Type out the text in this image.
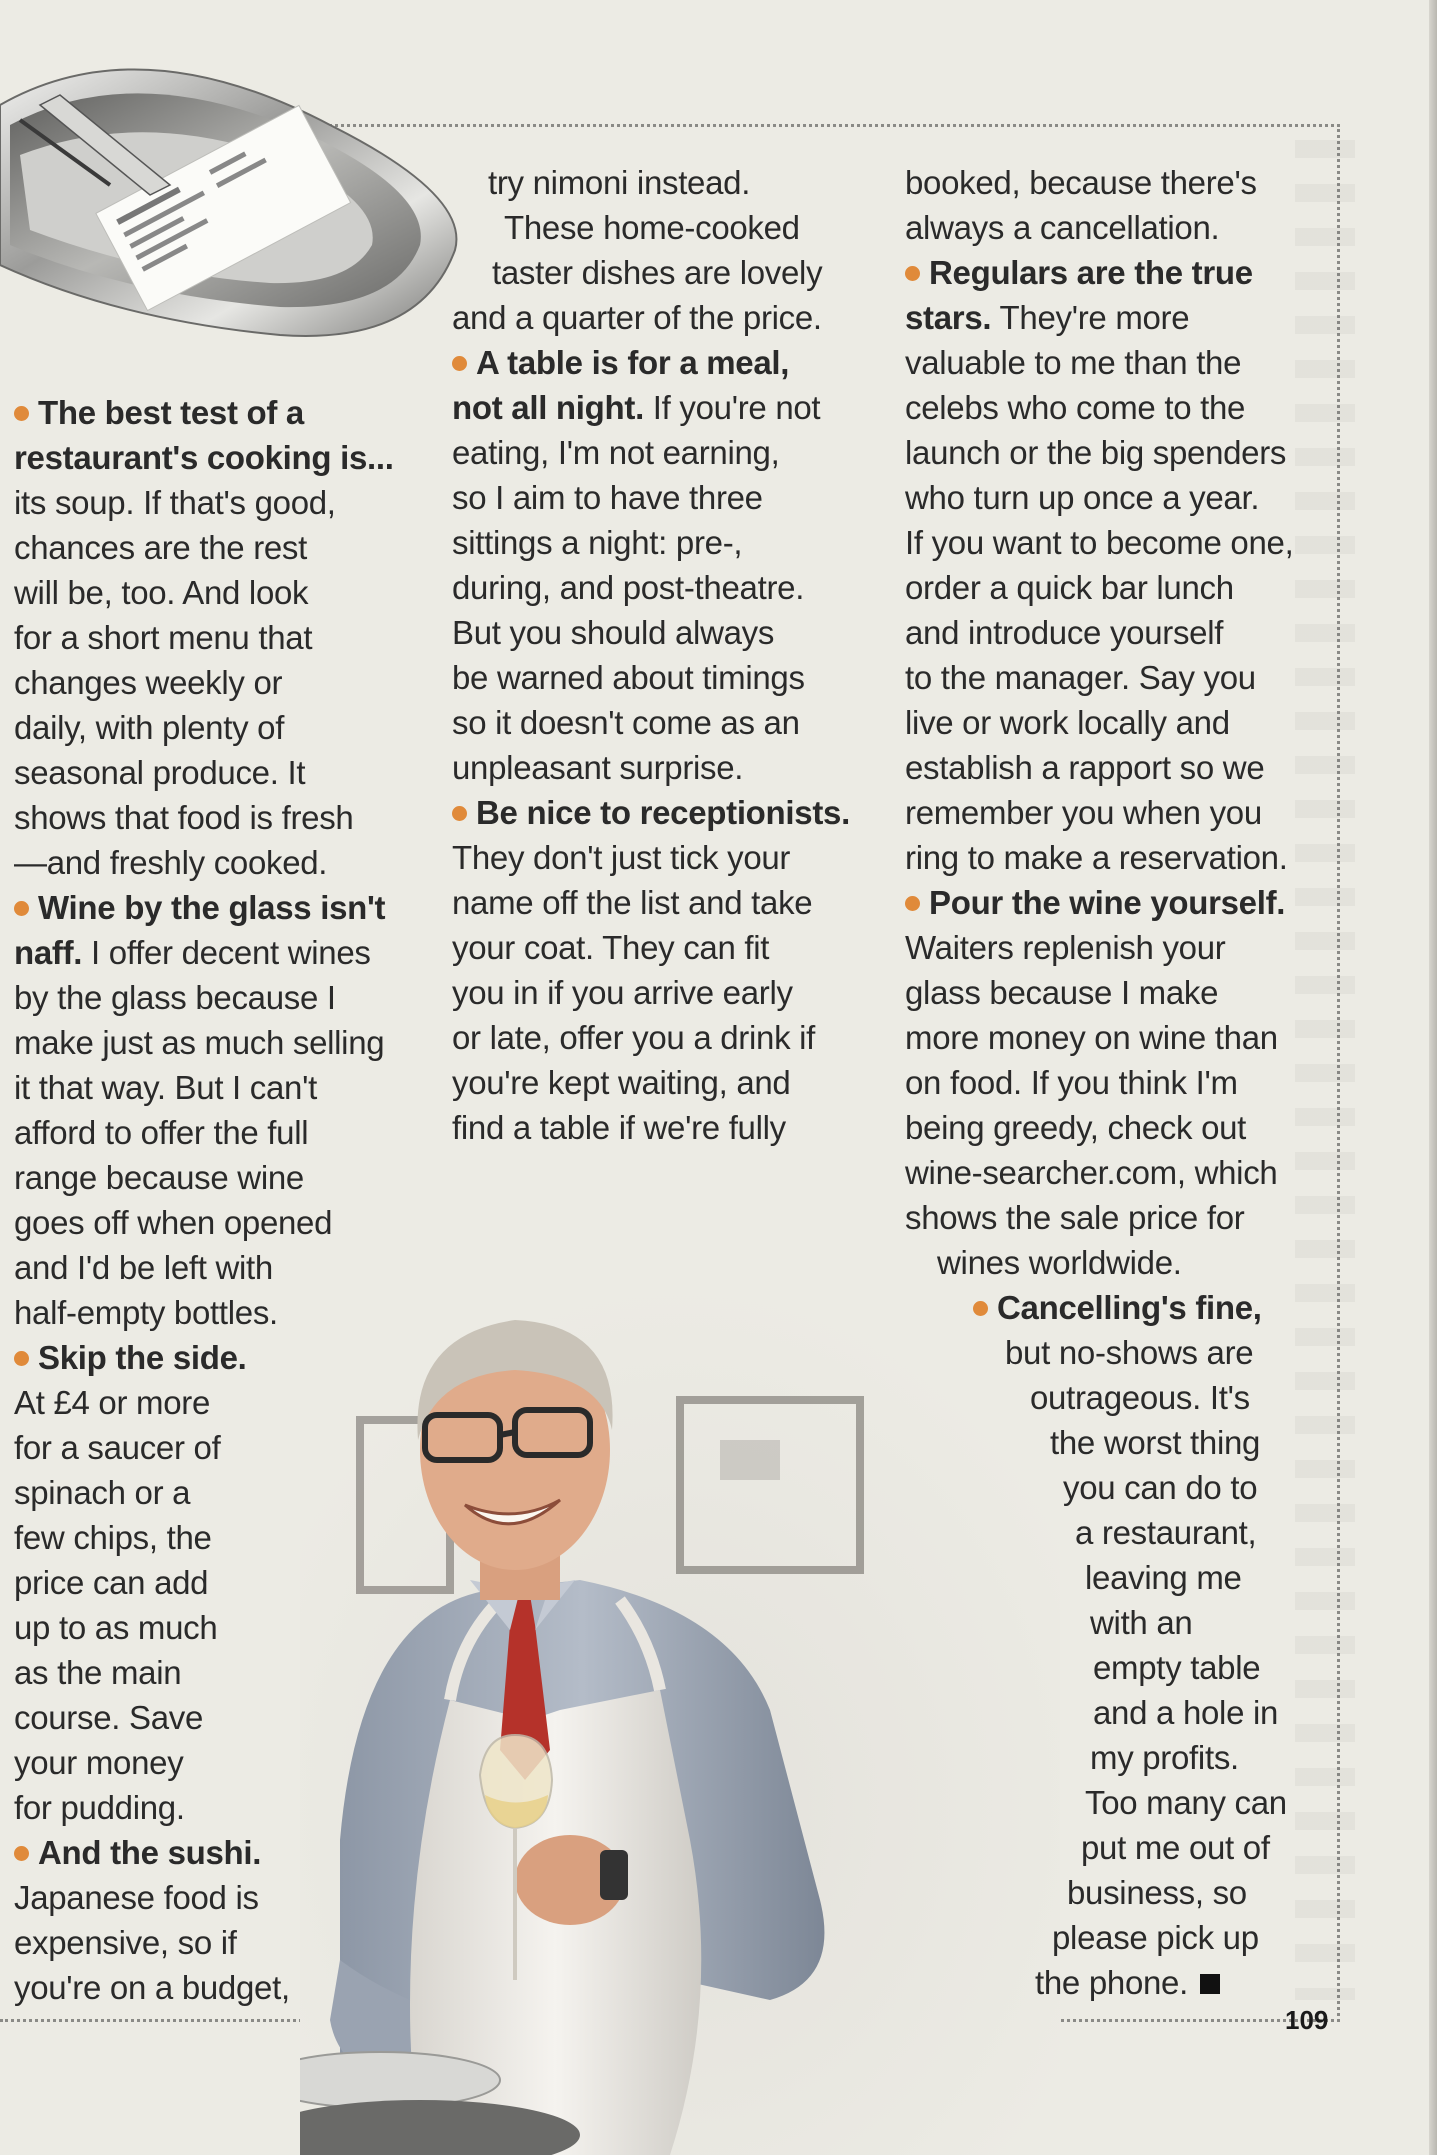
The best test of a
restaurant's cooking is...
its soup. If that's good,
chances are the rest
will be, too. And look
for a short menu that
changes weekly or
daily, with plenty of
seasonal produce. It
shows that food is fresh
—and freshly cooked.
Wine by the glass isn't
naff. I offer decent wines
by the glass because I
make just as much selling
it that way. But I can't
afford to offer the full
range because wine
goes off when opened
and I'd be left with
half-empty bottles.
Skip the side.
At £4 or more
for a saucer of
spinach or a
few chips, the
price can add
up to as much
as the main
course. Save
your money
for pudding.
And the sushi.
Japanese food is
expensive, so if
you're on a budget,
try nimoni instead.
These home-cooked
taster dishes are lovely
and a quarter of the price.
A table is for a meal,
not all night. If you're not
eating, I'm not earning,
so I aim to have three
sittings a night: pre-,
during, and post-theatre.
But you should always
be warned about timings
so it doesn't come as an
unpleasant surprise.
Be nice to receptionists.
They don't just tick your
name off the list and take
your coat. They can fit
you in if you arrive early
or late, offer you a drink if
you're kept waiting, and
find a table if we're fully
booked, because there's
always a cancellation.
Regulars are the true
stars. They're more
valuable to me than the
celebs who come to the
launch or the big spenders
who turn up once a year.
If you want to become one,
order a quick bar lunch
and introduce yourself
to the manager. Say you
live or work locally and
establish a rapport so we
remember you when you
ring to make a reservation.
Pour the wine yourself.
Waiters replenish your
glass because I make
more money on wine than
on food. If you think I'm
being greedy, check out
wine-searcher.com, which
shows the sale price for
wines worldwide.
Cancelling's fine,
but no-shows are
outrageous. It's
the worst thing
you can do to
a restaurant,
leaving me
with an
empty table
and a hole in
my profits.
Too many can
put me out of
business, so
please pick up
the phone.
109
